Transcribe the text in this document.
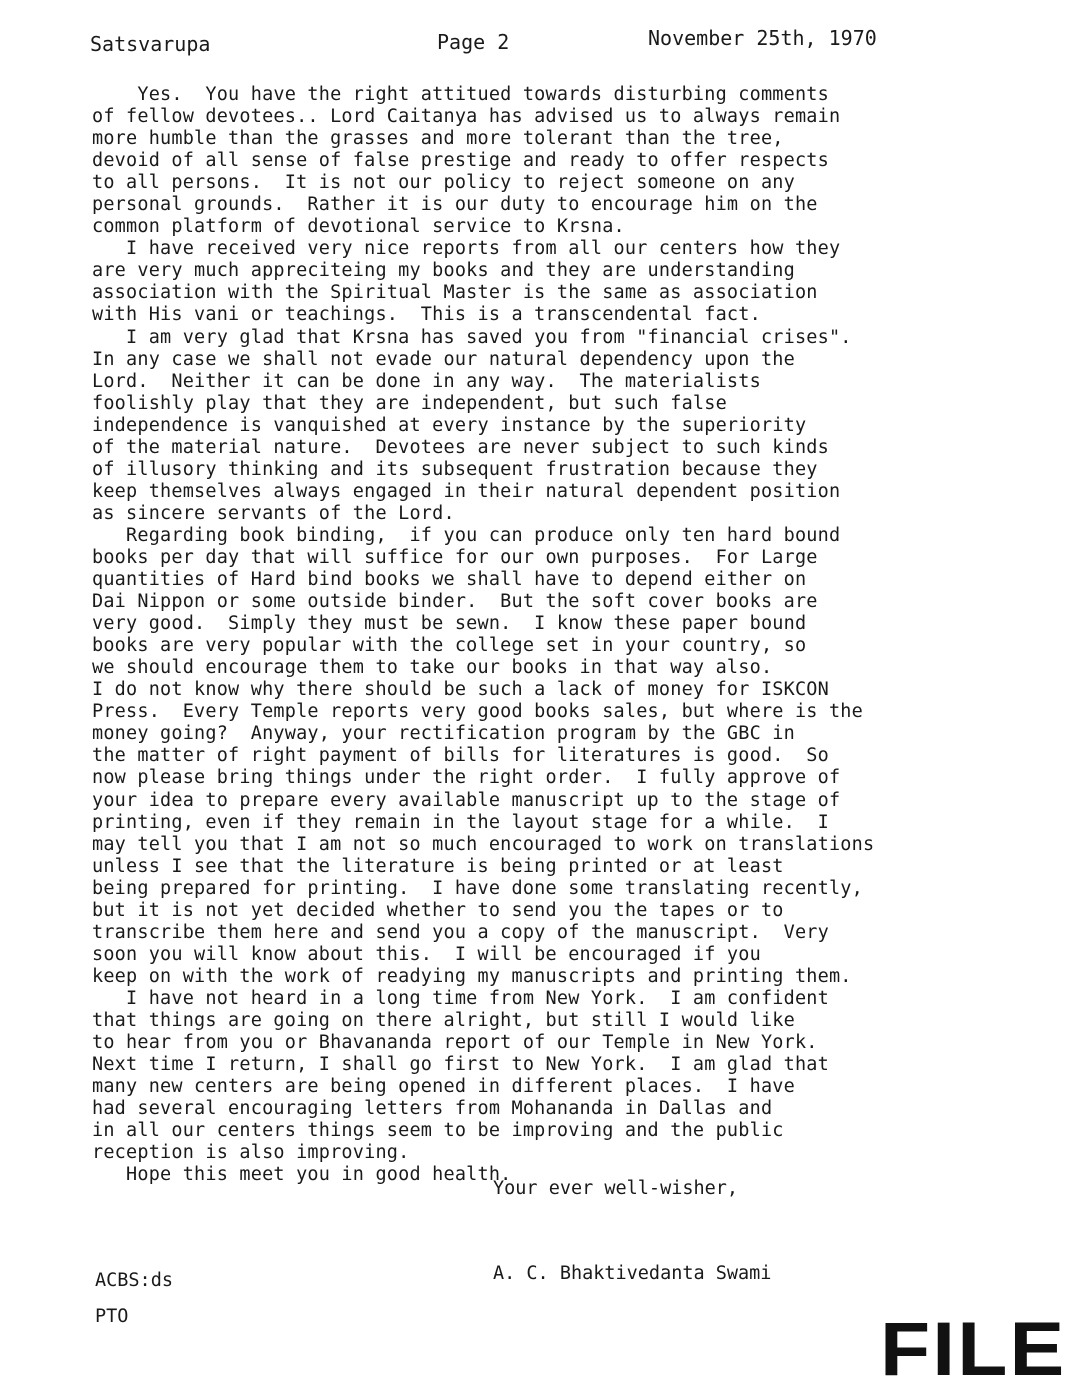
Satsvarupa	Page 2	November 25th, 1970
Yes.  You have the right attitued towards disturbing comments
of fellow devotees.. Lord Caitanya has advised us to always remain
more humble than the grasses and more tolerant than the tree,
devoid of all sense of false prestige and ready to offer respects
to all persons.  It is not our policy to reject someone on any
personal grounds.  Rather it is our duty to encourage him on the
common platform of devotional service to Krsna.
I have received very nice reports from all our centers how they
are very much appreciteing my books and they are understanding
association with the Spiritual Master is the same as association
with His vani or teachings.  This is a transcendental fact.
I am very glad that Krsna has saved you from "financial crises".
In any case we shall not evade our natural dependency upon the
Lord.  Neither it can be done in any way.  The materialists
foolishly play that they are independent, but such false
independence is vanquished at every instance by the superiority
of the material nature.  Devotees are never subject to such kinds
of illusory thinking and its subsequent frustration because they
keep themselves always engaged in their natural dependent position
as sincere servants of the Lord.
Regarding book binding,  if you can produce only ten hard bound
books per day that will suffice for our own purposes.  For Large
quantities of Hard bind books we shall have to depend either on
Dai Nippon or some outside binder.  But the soft cover books are
very good.  Simply they must be sewn.  I know these paper bound
books are very popular with the college set in your country, so
we should encourage them to take our books in that way also.
I do not know why there should be such a lack of money for ISKCON
Press.  Every Temple reports very good books sales, but where is the
money going?  Anyway, your rectification program by the GBC in
the matter of right payment of bills for literatures is good.  So
now please bring things under the right order.  I fully approve of
your idea to prepare every available manuscript up to the stage of
printing, even if they remain in the layout stage for a while.  I
may tell you that I am not so much encouraged to work on translations
unless I see that the literature is being printed or at least
being prepared for printing.  I have done some translating recently,
but it is not yet decided whether to send you the tapes or to
transcribe them here and send you a copy of the manuscript.  Very
soon you will know about this.  I will be encouraged if you
keep on with the work of readying my manuscripts and printing them.
I have not heard in a long time from New York.  I am confident
that things are going on there alright, but still I would like
to hear from you or Bhavananda report of our Temple in New York.
Next time I return, I shall go first to New York.  I am glad that
many new centers are being opened in different places.  I have
had several encouraging letters from Mohananda in Dallas and
in all our centers things seem to be improving and the public
reception is also improving.
Hope this meet you in good health.
Your ever well-wisher,
A. C. Bhaktivedanta Swami
ACBS:ds
PTO	FILE
